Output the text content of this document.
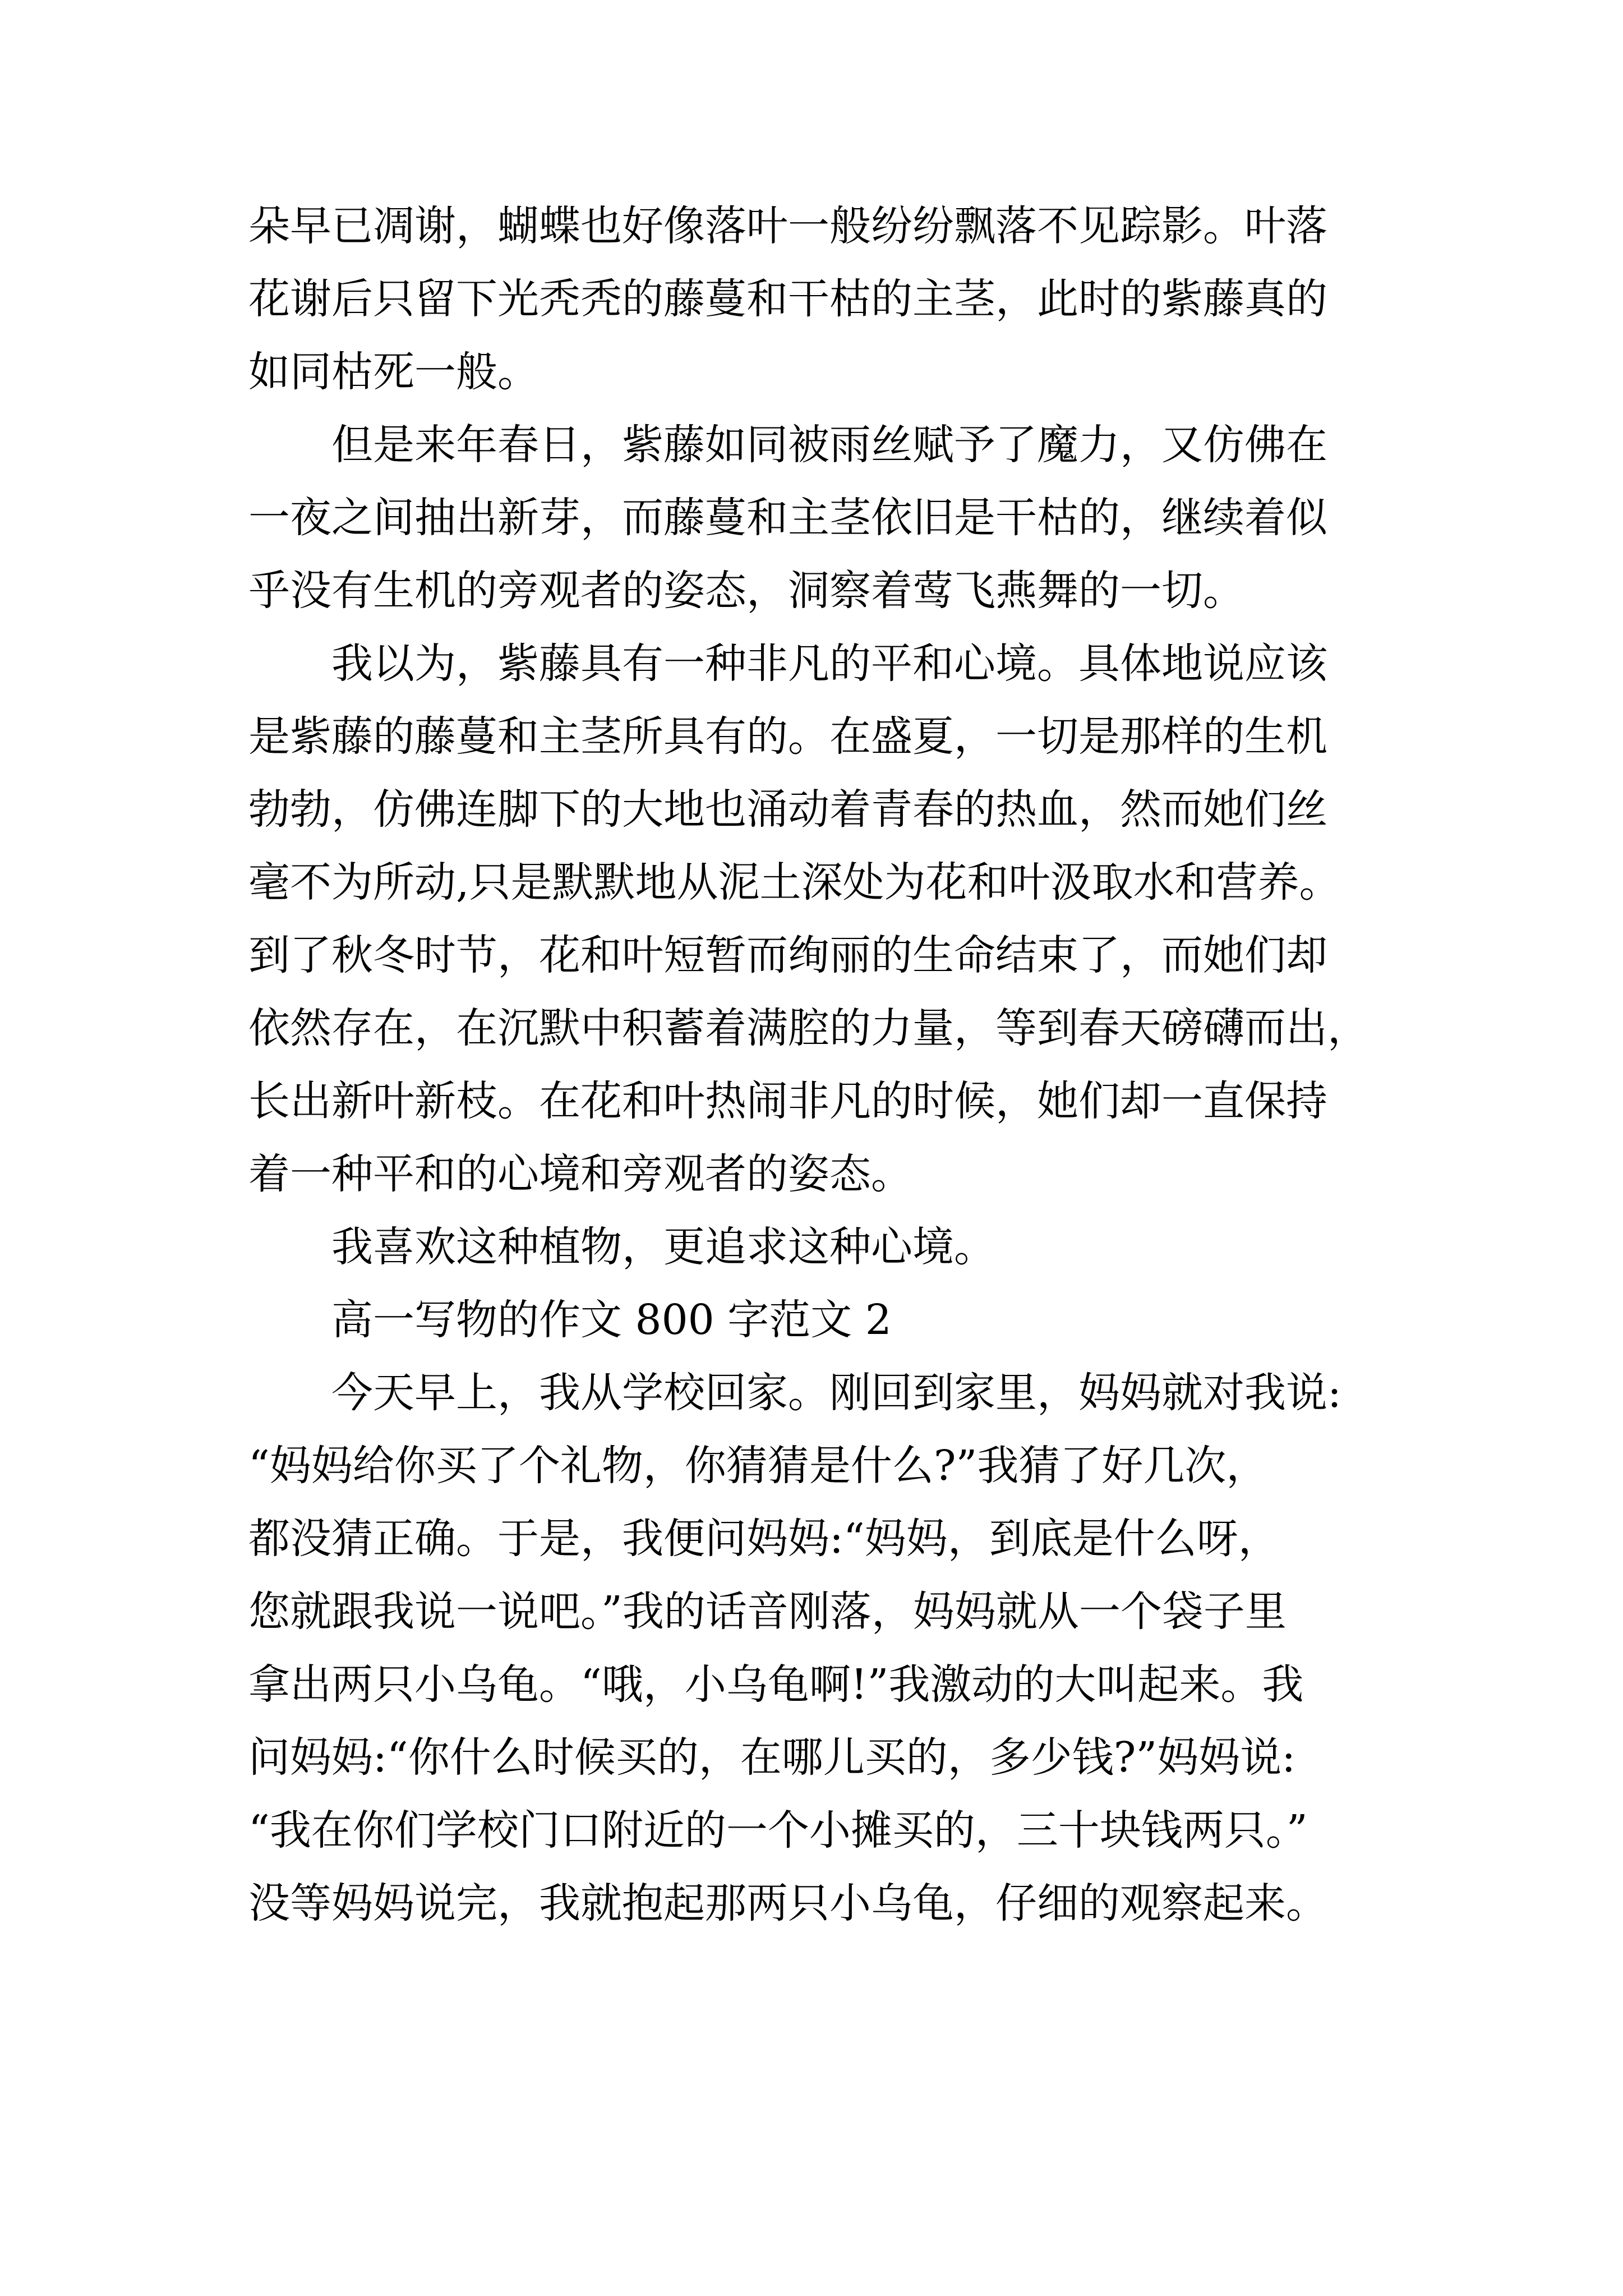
朵早已凋谢，蝴蝶也好像落叶一般纷纷飘落不见踪影。叶落
花谢后只留下光秃秃的藤蔓和干枯的主茎，此时的紫藤真的
如同枯死一般。
　　但是来年春日，紫藤如同被雨丝赋予了魔力，又仿佛在
一夜之间抽出新芽，而藤蔓和主茎依旧是干枯的，继续着似
乎没有生机的旁观者的姿态，洞察着莺飞燕舞的一切。
　　我以为，紫藤具有一种非凡的平和心境。具体地说应该
是紫藤的藤蔓和主茎所具有的。在盛夏，一切是那样的生机
勃勃，仿佛连脚下的大地也涌动着青春的热血，然而她们丝
毫不为所动,只是默默地从泥土深处为花和叶汲取水和营养。
到了秋冬时节，花和叶短暂而绚丽的生命结束了，而她们却
依然存在，在沉默中积蓄着满腔的力量，等到春天磅礴而出，
长出新叶新枝。在花和叶热闹非凡的时候，她们却一直保持
着一种平和的心境和旁观者的姿态。
　　我喜欢这种植物，更追求这种心境。
　　高一写物的作文 800 字范文 2
　　今天早上，我从学校回家。刚回到家里，妈妈就对我说:
“妈妈给你买了个礼物，你猜猜是什么?”我猜了好几次，
都没猜正确。于是，我便问妈妈:“妈妈，到底是什么呀，
您就跟我说一说吧。”我的话音刚落，妈妈就从一个袋子里
拿出两只小乌龟。“哦，小乌龟啊!”我激动的大叫起来。我
问妈妈:“你什么时候买的，在哪儿买的，多少钱?”妈妈说:
“我在你们学校门口附近的一个小摊买的，三十块钱两只。”
没等妈妈说完，我就抱起那两只小乌龟，仔细的观察起来。
